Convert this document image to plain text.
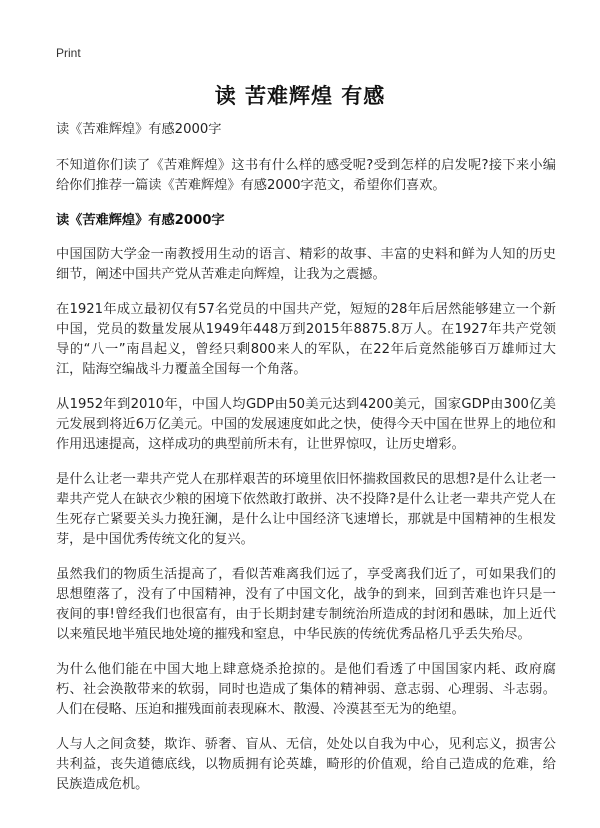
Print
读 苦难辉煌 有感

读《苦难辉煌》有感2000字

不知道你们读了《苦难辉煌》这书有什么样的感受呢?受到怎样的启发呢?接下来小编给你们推荐一篇读《苦难辉煌》有感2000字范文，希望你们喜欢。

读《苦难辉煌》有感2000字

中国国防大学金一南教授用生动的语言、精彩的故事、丰富的史料和鲜为人知的历史细节，阐述中国共产党从苦难走向辉煌，让我为之震撼。

在1921年成立最初仅有57名党员的中国共产党，短短的28年后居然能够建立一个新中国，党员的数量发展从1949年448万到2015年8875.8万人。在1927年共产党领导的“八一”南昌起义，曾经只剩800来人的军队，在22年后竟然能够百万雄师过大江，陆海空编战斗力覆盖全国每一个角落。

从1952年到2010年，中国人均GDP由50美元达到4200美元，国家GDP由300亿美元发展到将近6万亿美元。中国的发展速度如此之快，使得今天中国在世界上的地位和作用迅速提高，这样成功的典型前所未有，让世界惊叹，让历史增彩。

是什么让老一辈共产党人在那样艰苦的环境里依旧怀揣救国救民的思想?是什么让老一辈共产党人在缺衣少粮的困境下依然敢打敢拼、决不投降?是什么让老一辈共产党人在生死存亡紧要关头力挽狂澜，是什么让中国经济飞速增长，那就是中国精神的生根发芽，是中国优秀传统文化的复兴。

虽然我们的物质生活提高了，看似苦难离我们远了，享受离我们近了，可如果我们的思想堕落了，没有了中国精神，没有了中国文化，战争的到来，回到苦难也许只是一夜间的事!曾经我们也很富有，由于长期封建专制统治所造成的封闭和愚昧，加上近代以来殖民地半殖民地处境的摧残和窒息，中华民族的传统优秀品格几乎丢失殆尽。

为什么他们能在中国大地上肆意烧杀抢掠的。是他们看透了中国国家内耗、政府腐朽、社会涣散带来的软弱，同时也造成了集体的精神弱、意志弱、心理弱、斗志弱。人们在侵略、压迫和摧残面前表现麻木、散漫、冷漠甚至无为的绝望。

人与人之间贪婪，欺诈、骄奢、盲从、无信，处处以自我为中心，见利忘义，损害公共利益，丧失道德底线，以物质拥有论英雄，畸形的价值观，给自己造成的危难，给民族造成危机。
